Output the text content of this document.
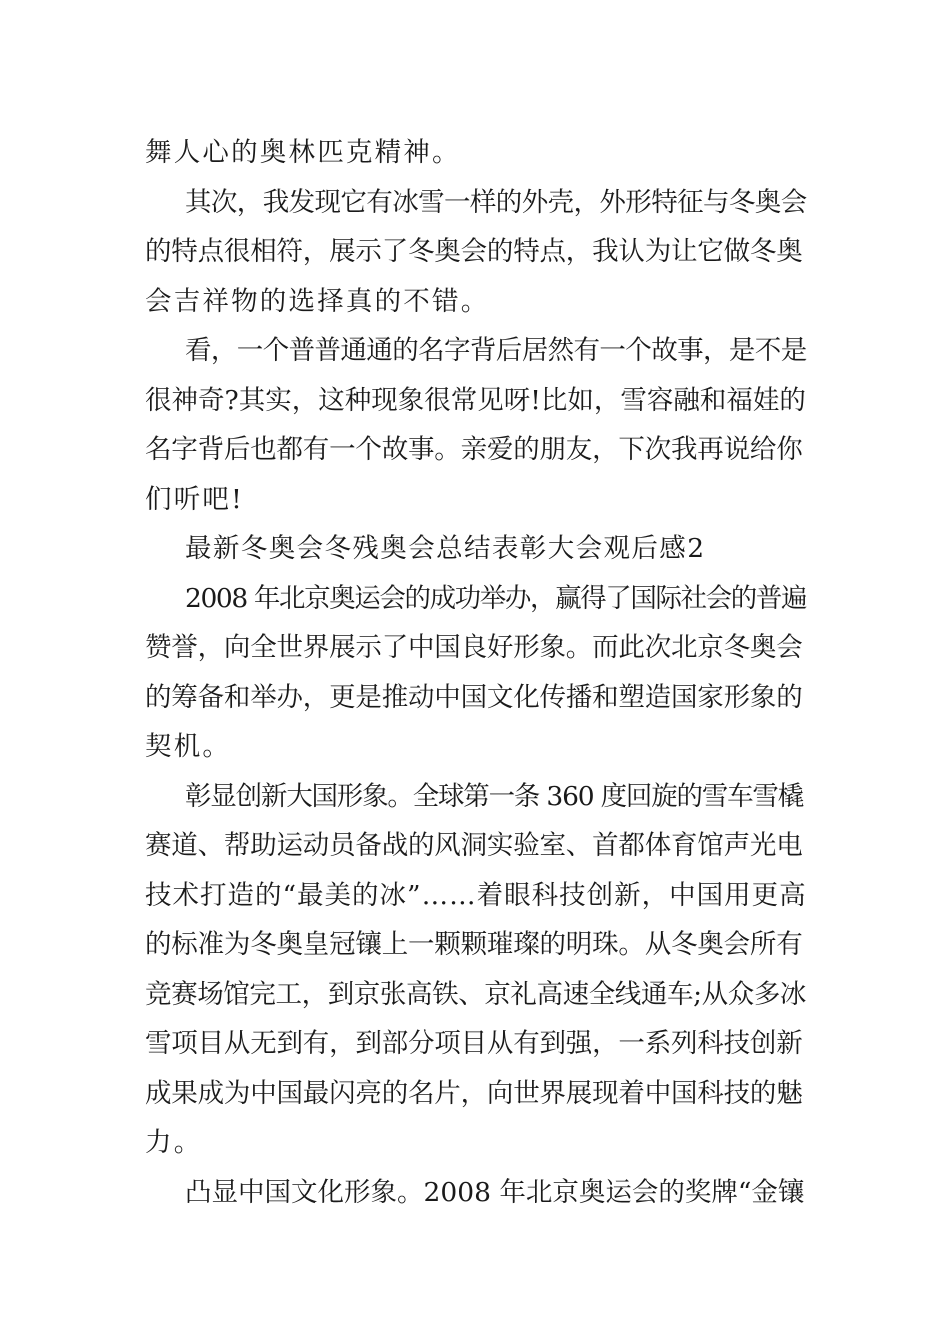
舞人心的奥林匹克精神。
其次，我发现它有冰雪一样的外壳，外形特征与冬奥会
的特点很相符，展示了冬奥会的特点，我认为让它做冬奥
会吉祥物的选择真的不错。
看，一个普普通通的名字背后居然有一个故事，是不是
很神奇?其实，这种现象很常见呀!比如，雪容融和福娃的
名字背后也都有一个故事。亲爱的朋友，下次我再说给你
们听吧!
最新冬奥会冬残奥会总结表彰大会观后感2
2008 年北京奥运会的成功举办，赢得了国际社会的普遍
赞誉，向全世界展示了中国良好形象。而此次北京冬奥会
的筹备和举办，更是推动中国文化传播和塑造国家形象的
契机。
彰显创新大国形象。全球第一条 360 度回旋的雪车雪橇
赛道、帮助运动员备战的风洞实验室、首都体育馆声光电
技术打造的“最美的冰”……着眼科技创新，中国用更高
的标准为冬奥皇冠镶上一颗颗璀璨的明珠。从冬奥会所有
竞赛场馆完工，到京张高铁、京礼高速全线通车;从众多冰
雪项目从无到有，到部分项目从有到强，一系列科技创新
成果成为中国最闪亮的名片，向世界展现着中国科技的魅
力。
凸显中国文化形象。2008 年北京奥运会的奖牌“金镶
